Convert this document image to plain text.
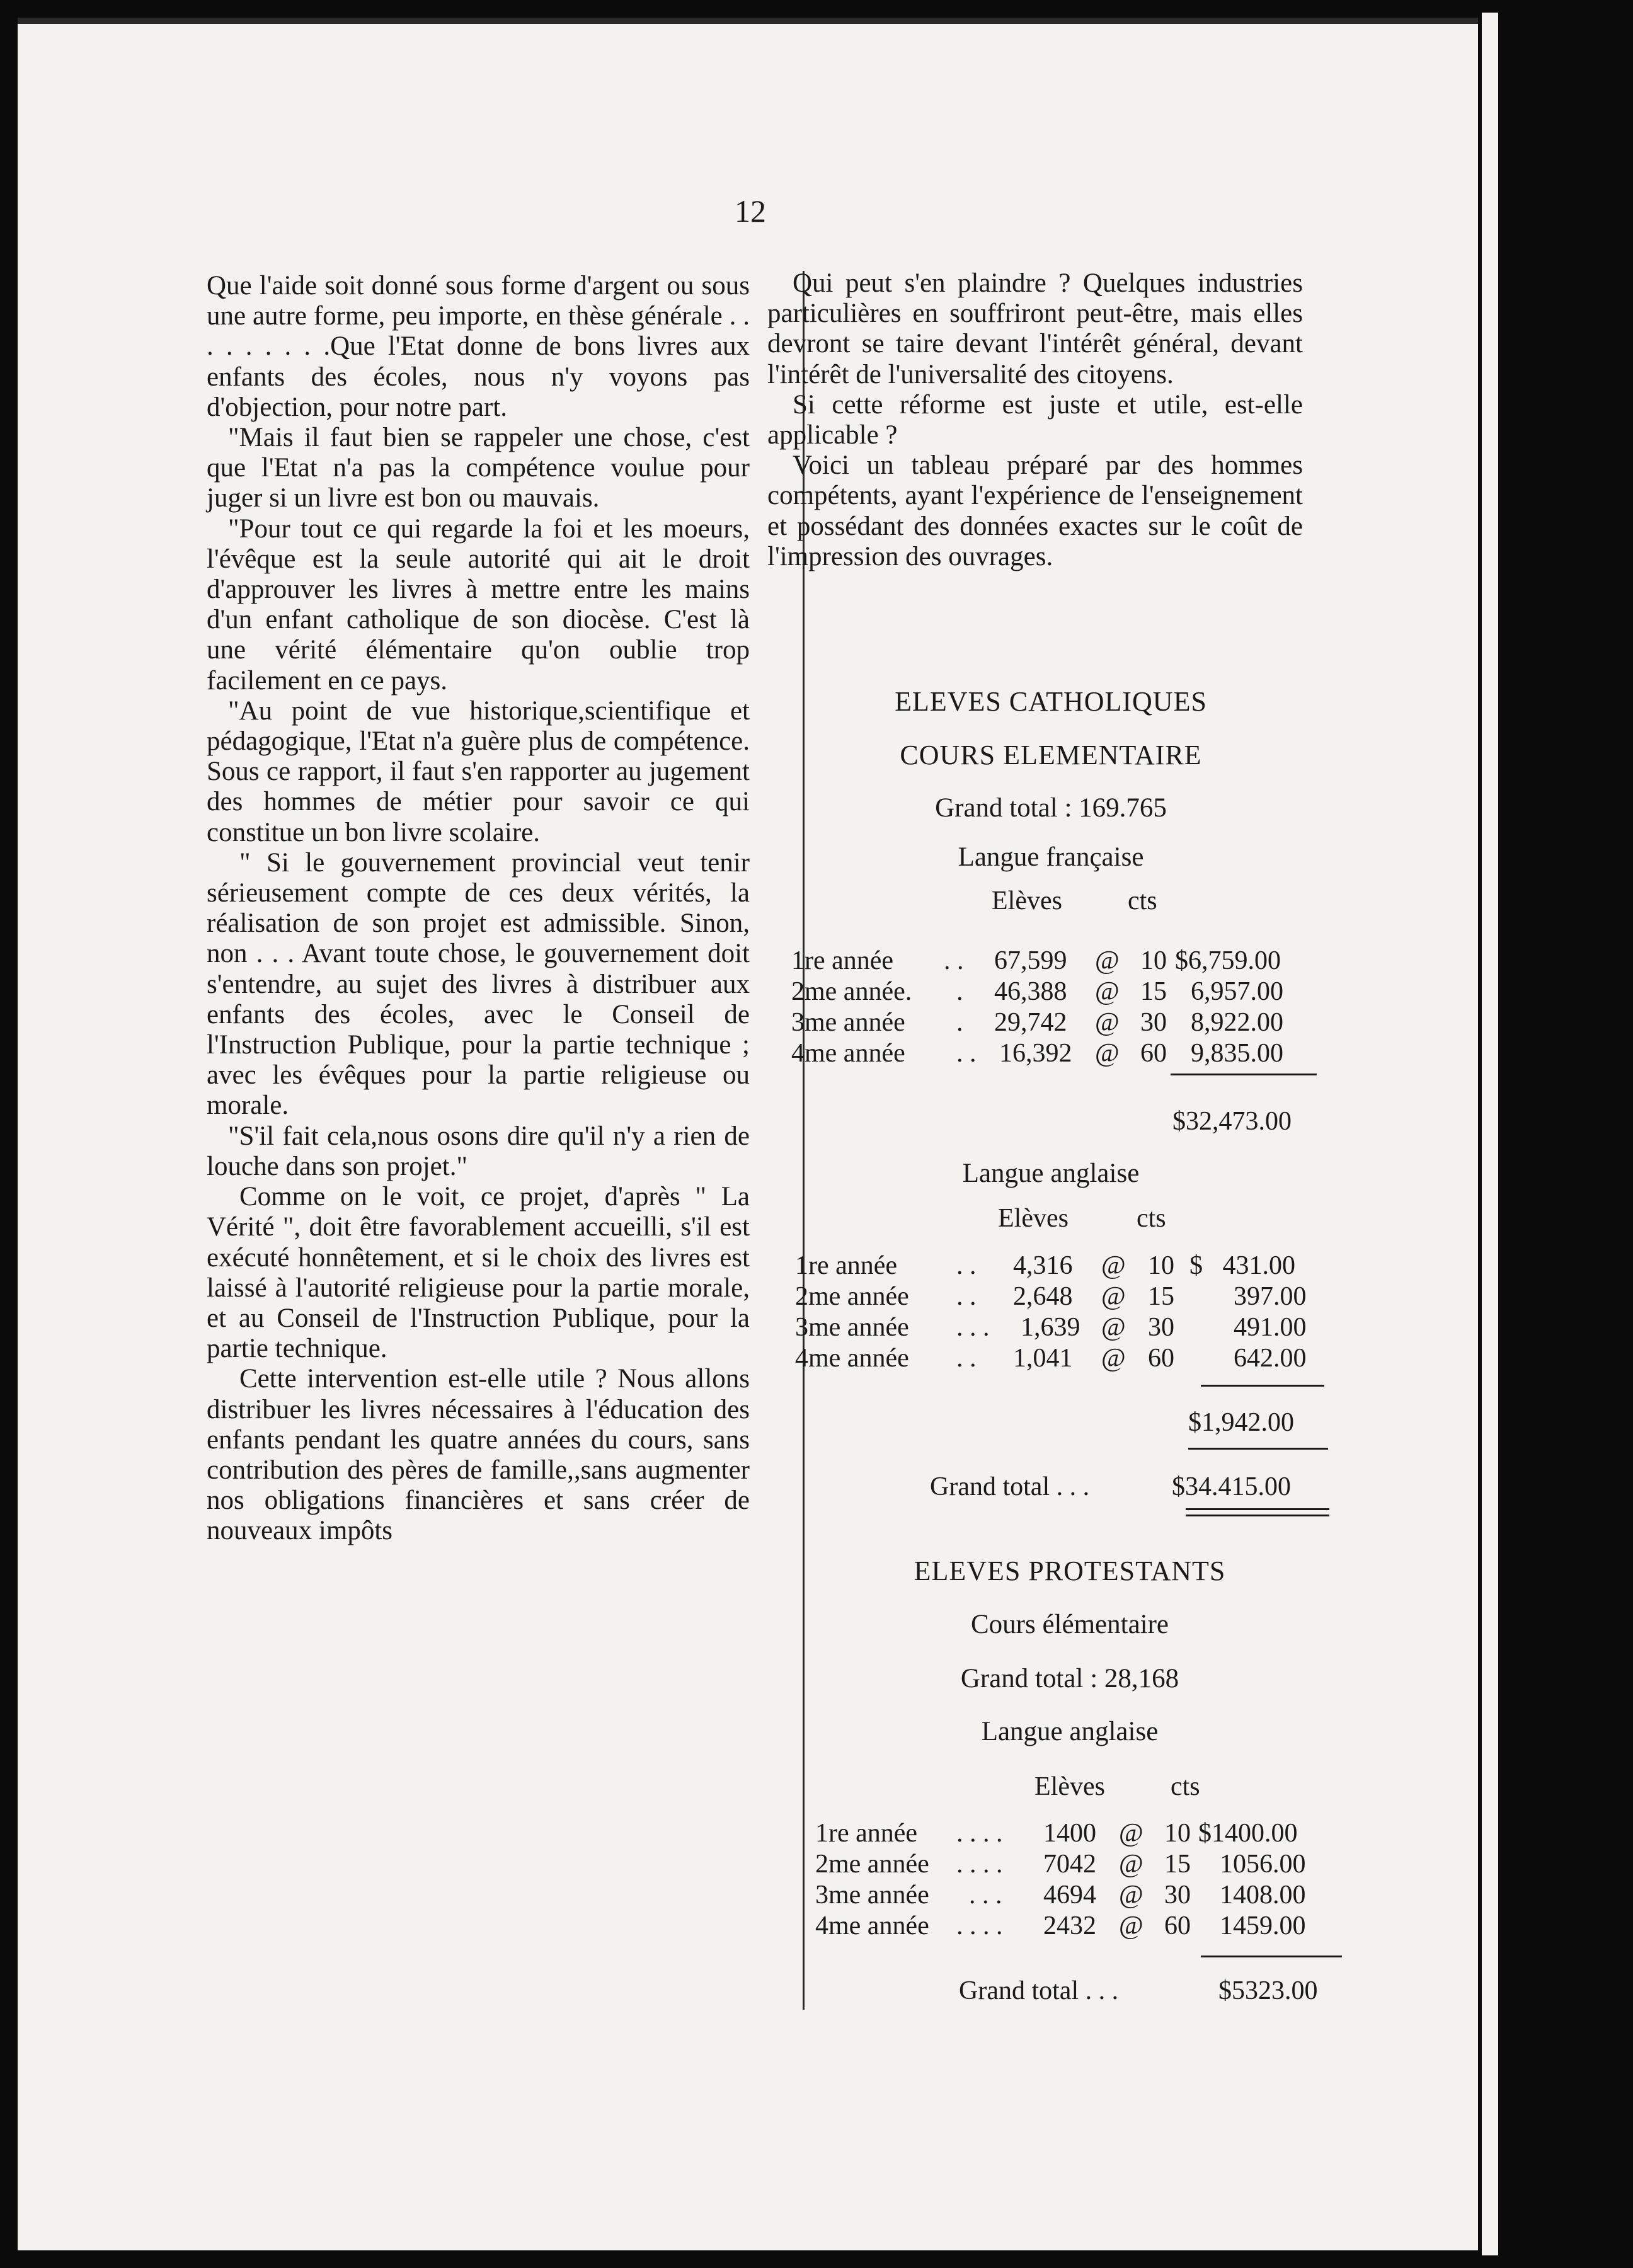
12

Que l'aide soit donné sous forme d'argent ou sous une autre forme, peu importe, en thèse générale . . . . . . . . .Que l'Etat donne de bons livres aux enfants des écoles, nous n'y voyons pas d'objection, pour notre part.

"Mais il faut bien se rappeler une chose, c'est que l'Etat n'a pas la compétence voulue pour juger si un livre est bon ou mauvais.

"Pour tout ce qui regarde la foi et les moeurs, l'évêque est la seule autorité qui ait le droit d'approuver les livres à mettre entre les mains d'un enfant catholique de son diocèse. C'est là une vérité élémentaire qu'on oublie trop facilement en ce pays.

"Au point de vue historique,scientifique et pédagogique, l'Etat n'a guère plus de compétence. Sous ce rapport, il faut s'en rapporter au jugement des hommes de métier pour savoir ce qui constitue un bon livre scolaire.

" Si le gouvernement provincial veut tenir sérieusement compte de ces deux vérités, la réalisation de son projet est admissible. Sinon, non . . . Avant toute chose, le gouvernement doit s'entendre, au sujet des livres à distribuer aux enfants des écoles, avec le Conseil de l'Instruction Publique, pour la partie technique ; avec les évêques pour la partie religieuse ou morale.

"S'il fait cela,nous osons dire qu'il n'y a rien de louche dans son projet."

Comme on le voit, ce projet, d'après " La Vérité ", doit être favorablement accueilli, s'il est exécuté honnêtement, et si le choix des livres est laissé à l'autorité religieuse pour la partie morale, et au Conseil de l'Instruction Publique, pour la partie technique.

Cette intervention est-elle utile ? Nous allons distribuer les livres nécessaires à l'éducation des enfants pendant les quatre années du cours, sans contribution des pères de famille,,sans augmenter nos obligations financières et sans créer de nouveaux impôts

Qui peut s'en plaindre ? Quelques industries particulières en souffriront peut-être, mais elles devront se taire devant l'intérêt général, devant l'intérêt de l'universalité des citoyens.

Si cette réforme est juste et utile, est-elle applicable ?

Voici un tableau préparé par des hommes compétents, ayant l'expérience de l'enseignement et possédant des données exactes sur le coût de l'impression des ouvrages.

ELEVES CATHOLIQUES
COURS ELEMENTAIRE
Grand total : 169.765
Langue française
Elèves cts
1re année . . 67,599 @ 10 $6,759.00
2me année. . 46,388 @ 15 6,957.00
3me année . 29,742 @ 30 8,922.00
4me année . . 16,392 @ 60 9,835.00
$32,473.00
Langue anglaise
Elèves	cts
1re année . . 4,316 @ 10 $   431.00
2me année . . 2,648 @ 15 397.00
3me année . . . 1,639 @ 30 491.00
4me année . . 1,041 @ 60 642.00
$1,942.00
Grand total . . .	$34.415.00
ELEVES PROTESTANTS
Cours élémentaire
Grand total : 28,168
Langue anglaise
Elèves cts
1re année . . . . 1400 @ 10 $1400.00
2me année . . . . 7042 @ 15 1056.00
3me année . . . 4694 @ 30 1408.00
4me année . . . . 2432 @ 60 1459.00
Grand total . . .	$5323.00
